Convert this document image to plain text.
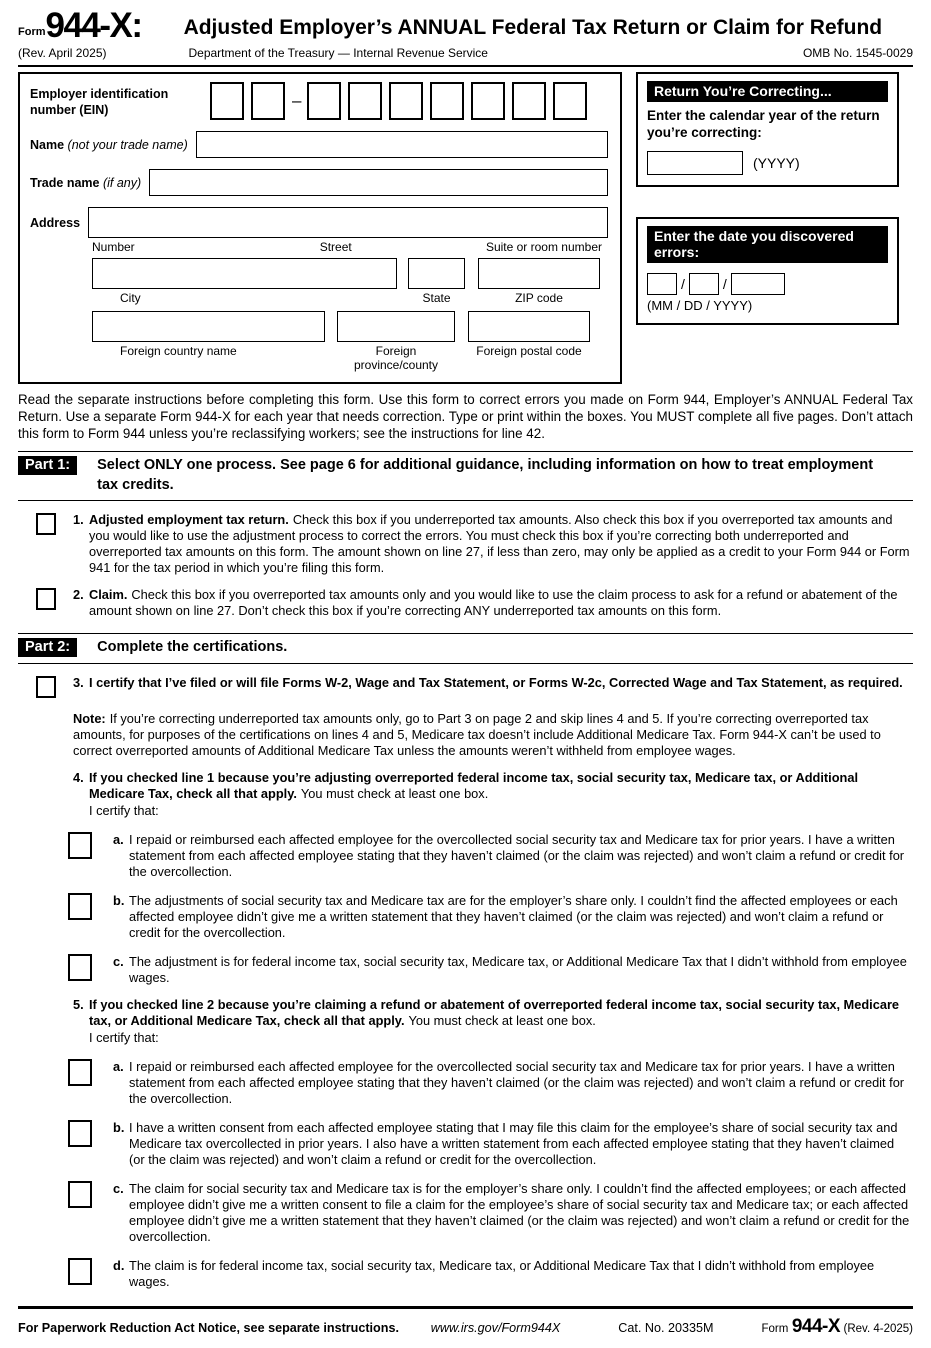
Form 944-X: Adjusted Employer’s ANNUAL Federal Tax Return or Claim for Refund
(Rev. April 2025)	Department of the Treasury — Internal Revenue Service	OMB No. 1545-0029
Employer identification number (EIN)
–
Name (not your trade name)
Trade name (if any)
Address
Number	Street	Suite or room number
City	State	ZIP code
Foreign country name	Foreign province/county
Foreign postal code
Return You’re Correcting...
Enter the calendar year of the return you’re correcting:
(YYYY)
Enter the date you discovered errors:
/	/
(MM / DD / YYYY)
Read the separate instructions before completing this form. Use this form to correct errors you made on Form 944, Employer’s ANNUAL Federal Tax Return. Use a separate Form 944-X for each year that needs correction. Type or print within the boxes. You MUST complete all five pages. Don’t attach this form to Form 944 unless you’re reclassifying workers; see the instructions for line 42.
Part 1:	Select ONLY one process. See page 6 for additional guidance, including information on how to treat employment tax credits.
1. Adjusted employment tax return. Check this box if you underreported tax amounts. Also check this box if you overreported tax amounts and you would like to use the adjustment process to correct the errors. You must check this box if you’re correcting both underreported and overreported tax amounts on this form. The amount shown on line 27, if less than zero, may only be applied as a credit to your Form 944 or Form 941 for the tax period in which you’re filing this form.
2. Claim. Check this box if you overreported tax amounts only and you would like to use the claim process to ask for a refund or abatement of the amount shown on line 27. Don’t check this box if you’re correcting ANY underreported tax amounts on this form.
Part 2:	Complete the certifications.
3. I certify that I’ve filed or will file Forms W-2, Wage and Tax Statement, or Forms W-2c, Corrected Wage and Tax Statement, as required.
Note: If you’re correcting underreported tax amounts only, go to Part 3 on page 2 and skip lines 4 and 5. If you’re correcting overreported tax amounts, for purposes of the certifications on lines 4 and 5, Medicare tax doesn’t include Additional Medicare Tax. Form 944-X can’t be used to correct overreported amounts of Additional Medicare Tax unless the amounts weren’t withheld from employee wages.
4. If you checked line 1 because you’re adjusting overreported federal income tax, social security tax, Medicare tax, or Additional Medicare Tax, check all that apply. You must check at least one box.
I certify that:
a. I repaid or reimbursed each affected employee for the overcollected social security tax and Medicare tax for prior years. I have a written statement from each affected employee stating that they haven’t claimed (or the claim was rejected) and won’t claim a refund or credit for the overcollection.
b. The adjustments of social security tax and Medicare tax are for the employer’s share only. I couldn’t find the affected employees or each affected employee didn’t give me a written statement that they haven’t claimed (or the claim was rejected) and won’t claim a refund or credit for the overcollection.
c. The adjustment is for federal income tax, social security tax, Medicare tax, or Additional Medicare Tax that I didn’t withhold from employee wages.
5. If you checked line 2 because you’re claiming a refund or abatement of overreported federal income tax, social security tax, Medicare tax, or Additional Medicare Tax, check all that apply. You must check at least one box.
I certify that:
a. I repaid or reimbursed each affected employee for the overcollected social security tax and Medicare tax for prior years. I have a written statement from each affected employee stating that they haven’t claimed (or the claim was rejected) and won’t claim a refund or credit for the overcollection.
b. I have a written consent from each affected employee stating that I may file this claim for the employee’s share of social security tax and Medicare tax overcollected in prior years. I also have a written statement from each affected employee stating that they haven’t claimed (or the claim was rejected) and won’t claim a refund or credit for the overcollection.
c. The claim for social security tax and Medicare tax is for the employer’s share only. I couldn’t find the affected employees; or each affected employee didn’t give me a written consent to file a claim for the employee’s share of social security tax and Medicare tax; or each affected employee didn’t give me a written statement that they haven’t claimed (or the claim was rejected) and won’t claim a refund or credit for the overcollection.
d. The claim is for federal income tax, social security tax, Medicare tax, or Additional Medicare Tax that I didn’t withhold from employee wages.
For Paperwork Reduction Act Notice, see separate instructions.	www.irs.gov/Form944X	Cat. No. 20335M	Form 944-X (Rev. 4-2025)
